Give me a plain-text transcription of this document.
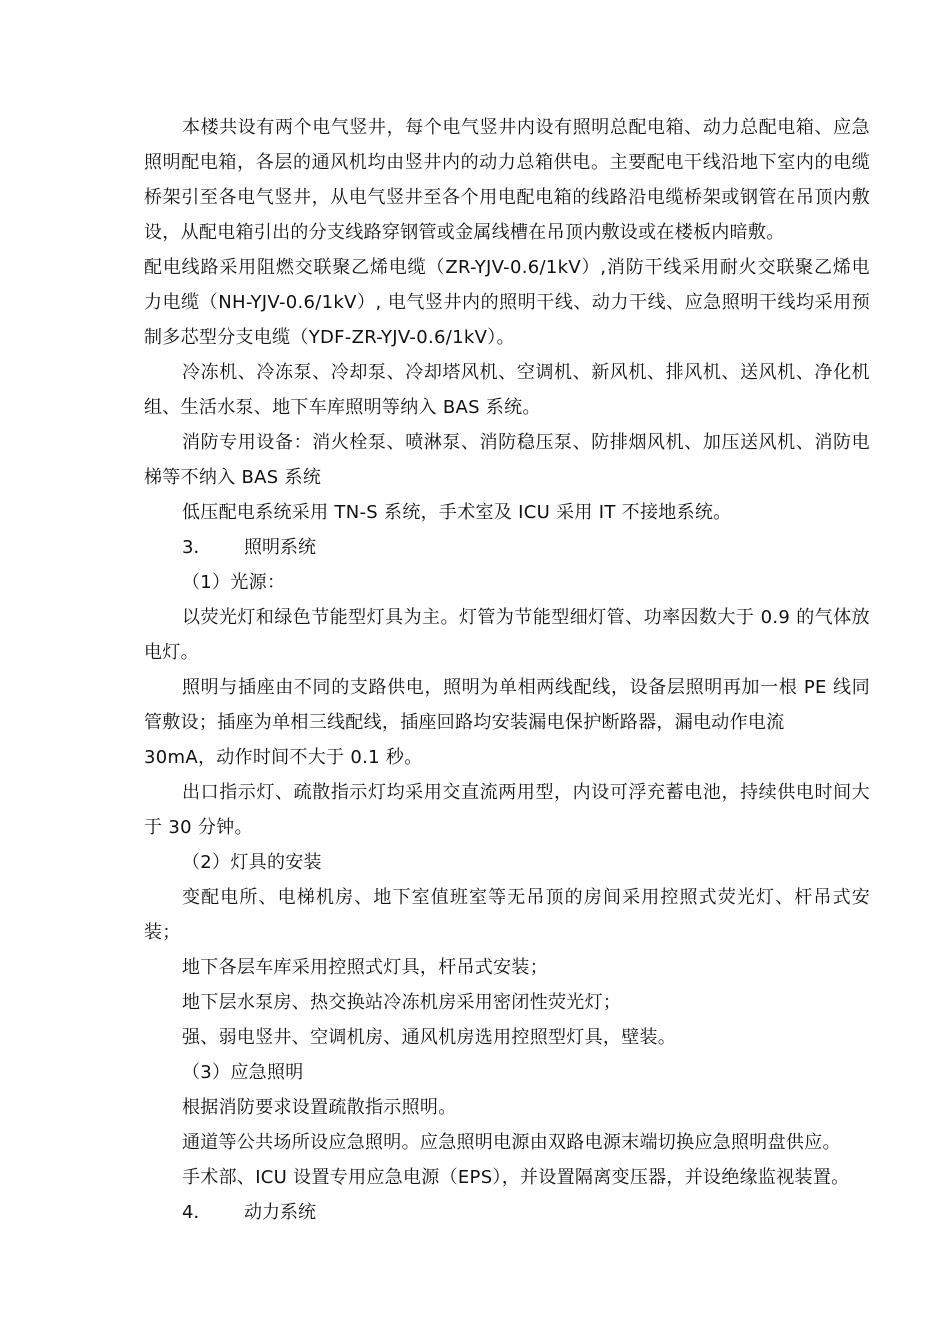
本楼共设有两个电气竖井，每个电气竖井内设有照明总配电箱、动力总配电箱、应急照明配电箱，各层的通风机均由竖井内的动力总箱供电。主要配电干线沿地下室内的电缆桥架引至各电气竖井，从电气竖井至各个用电配电箱的线路沿电缆桥架或钢管在吊顶内敷设，从配电箱引出的分支线路穿钢管或金属线槽在吊顶内敷设或在楼板内暗敷。

配电线路采用阻燃交联聚乙烯电缆（ZR-YJV-0.6/1kV）,消防干线采用耐火交联聚乙烯电力电缆（NH-YJV-0.6/1kV）, 电气竖井内的照明干线、动力干线、应急照明干线均采用预制多芯型分支电缆（YDF-ZR-YJV-0.6/1kV）。

冷冻机、冷冻泵、冷却泵、冷却塔风机、空调机、新风机、排风机、送风机、净化机组、生活水泵、地下车库照明等纳入 BAS 系统。

消防专用设备：消火栓泵、喷淋泵、消防稳压泵、防排烟风机、加压送风机、消防电梯等不纳入 BAS 系统

低压配电系统采用 TN-S 系统，手术室及 ICU 采用 IT 不接地系统。

3． 照明系统

（1）光源：

以荧光灯和绿色节能型灯具为主。灯管为节能型细灯管、功率因数大于 0.9 的气体放电灯。

照明与插座由不同的支路供电，照明为单相两线配线，设备层照明再加一根 PE 线同管敷设；插座为单相三线配线，插座回路均安装漏电保护断路器，漏电动作电流
30mA，动作时间不大于 0.1 秒。

出口指示灯、疏散指示灯均采用交直流两用型，内设可浮充蓄电池，持续供电时间大于 30 分钟。

（2）灯具的安装

变配电所、电梯机房、地下室值班室等无吊顶的房间采用控照式荧光灯、杆吊式安装；

地下各层车库采用控照式灯具，杆吊式安装；

地下层水泵房、热交换站冷冻机房采用密闭性荧光灯；

强、弱电竖井、空调机房、通风机房选用控照型灯具，壁装。

（3）应急照明

根据消防要求设置疏散指示照明。

通道等公共场所设应急照明。应急照明电源由双路电源末端切换应急照明盘供应。

手术部、ICU 设置专用应急电源（EPS），并设置隔离变压器，并设绝缘监视装置。

4． 动力系统
